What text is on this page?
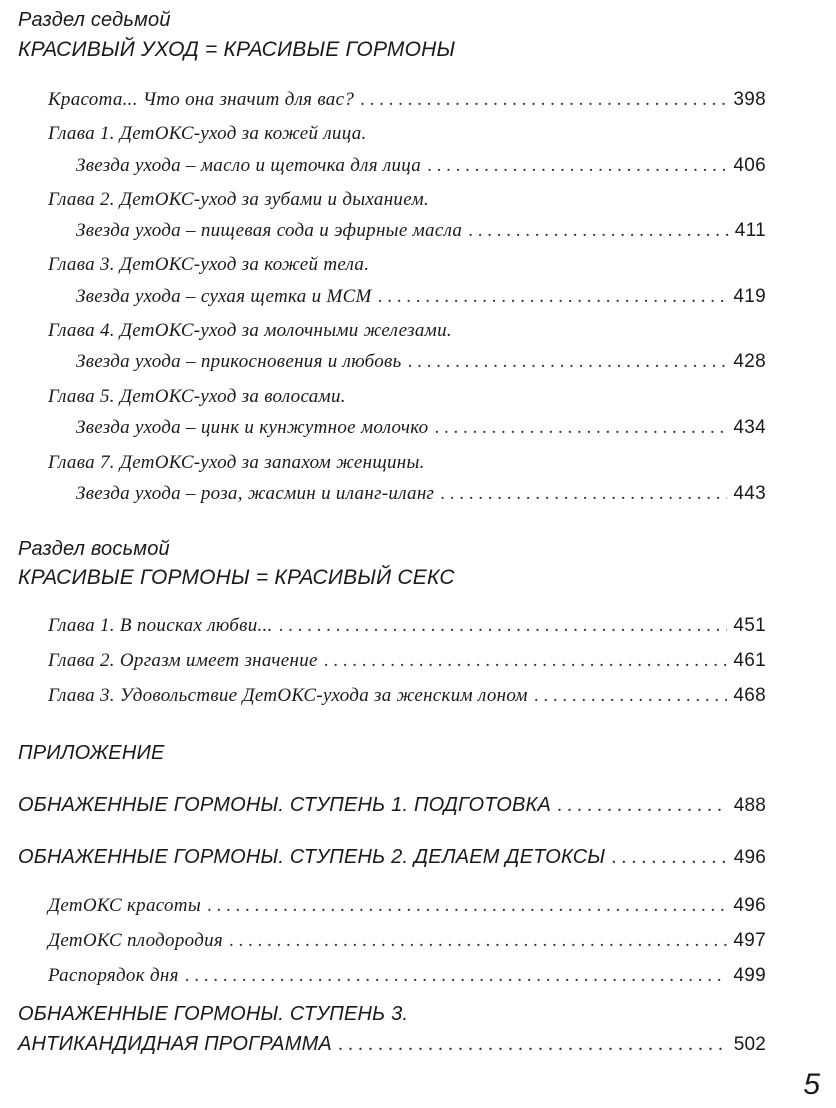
Раздел седьмой
КРАСИВЫЙ УХОД = КРАСИВЫЕ ГОРМОНЫ
Красота... Что она значит для вас? . . .	398
Глава 1. ДетОКС-уход за кожей лица.
Звезда ухода – масло и щеточка для лица . . .	406
Глава 2. ДетОКС-уход за зубами и дыханием.
Звезда ухода – пищевая сода и эфирные масла . . .	411
Глава 3. ДетОКС-уход за кожей тела.
Звезда ухода – сухая щетка и МСМ . . .	419
Глава 4. ДетОКС-уход за молочными железами.
Звезда ухода – прикосновения и любовь . . .	428
Глава 5. ДетОКС-уход за волосами.
Звезда ухода – цинк и кунжутное молочко . . .	434
Глава 7. ДетОКС-уход за запахом женщины.
Звезда ухода – роза, жасмин и иланг-иланг . . .	443
Раздел восьмой
КРАСИВЫЕ ГОРМОНЫ = КРАСИВЫЙ СЕКС
Глава 1. В поисках любви... . . .	451
Глава 2. Оргазм имеет значение . . .	461
Глава 3. Удовольствие ДетОКС-ухода за женским лоном . . .	468
ПРИЛОЖЕНИЕ
ОБНАЖЕННЫЕ ГОРМОНЫ. СТУПЕНЬ 1. ПОДГОТОВКА . . .	488
ОБНАЖЕННЫЕ ГОРМОНЫ. СТУПЕНЬ 2. ДЕЛАЕМ ДЕТОКСЫ . . .	496
ДетОКС красоты . . .	496
ДетОКС плодородия . . .	497
Распорядок дня . . .	499
ОБНАЖЕННЫЕ ГОРМОНЫ. СТУПЕНЬ 3.
АНТИКАНДИДНАЯ ПРОГРАММА . . .	502
5
